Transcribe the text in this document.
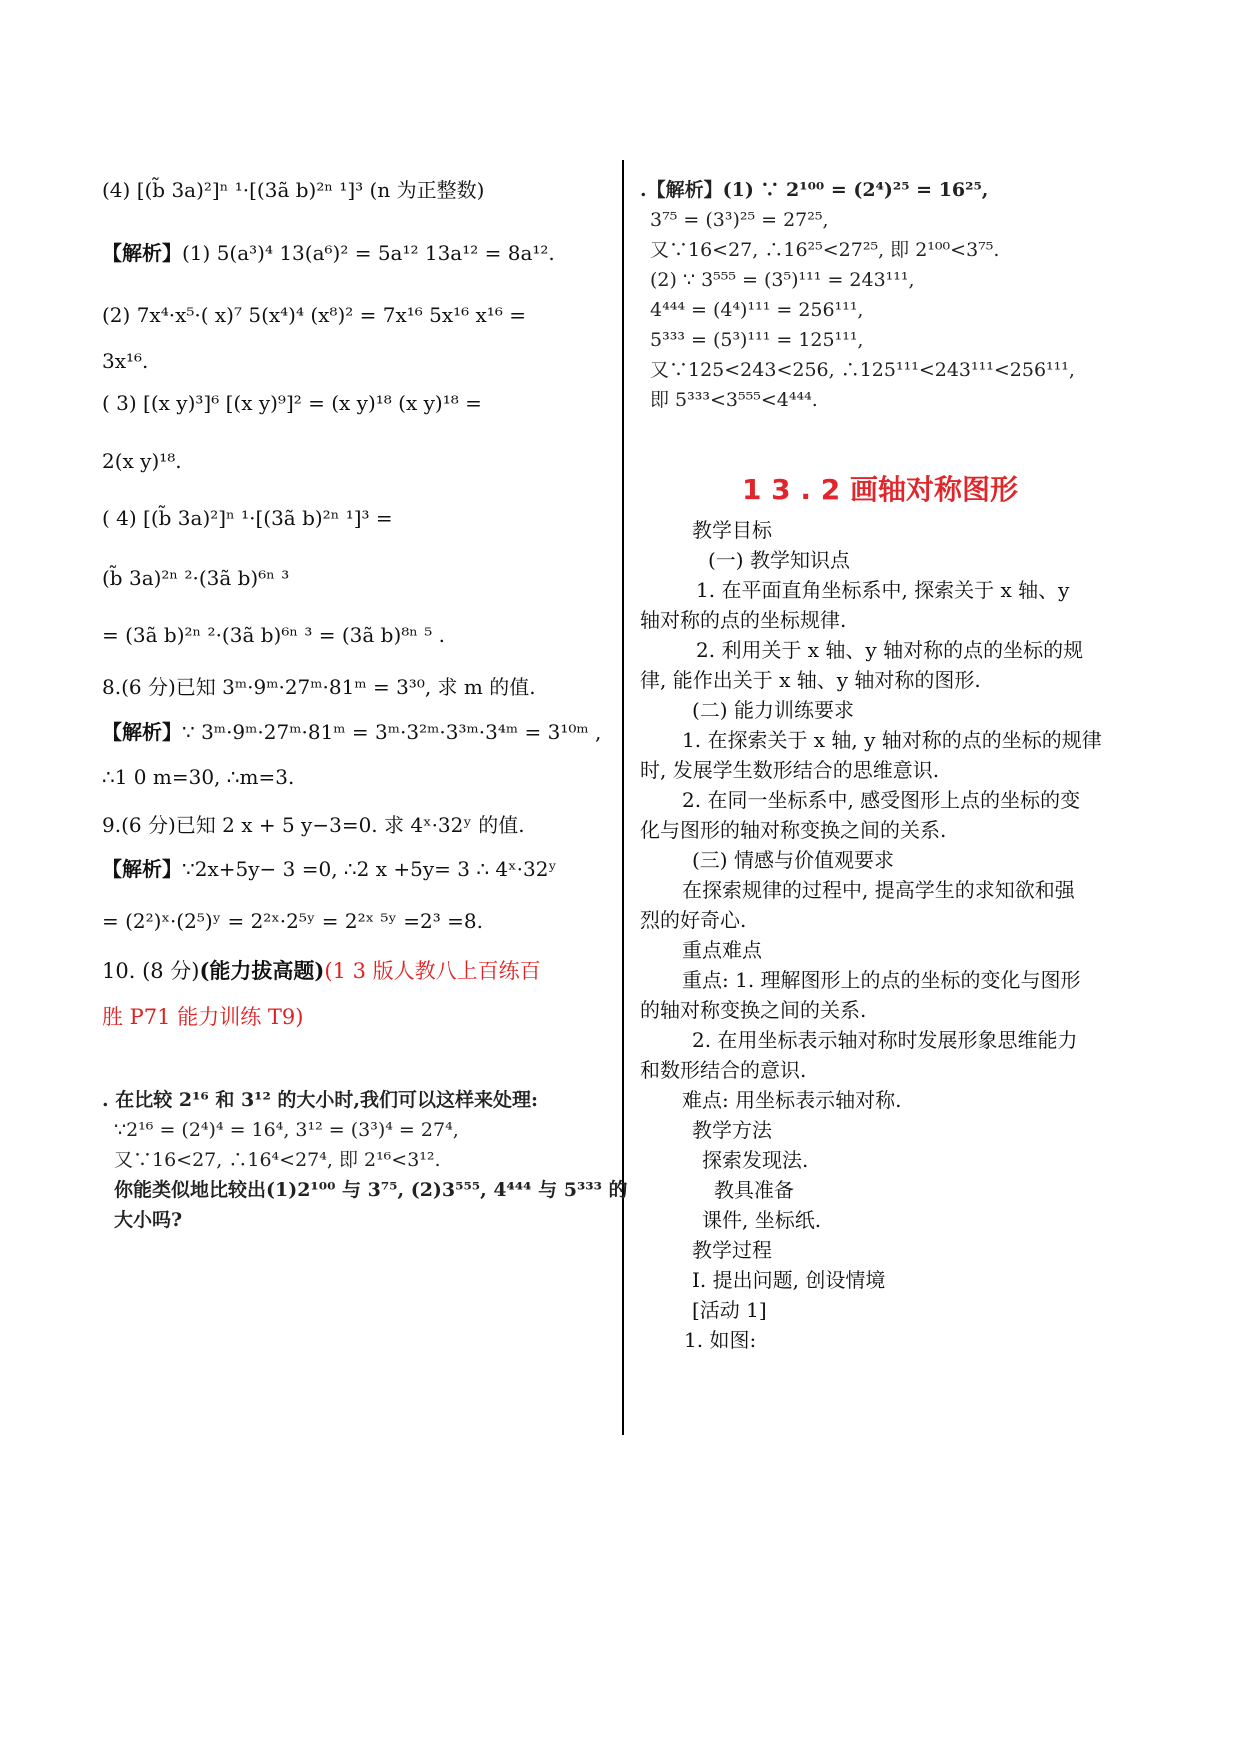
(4) [(b̃ 3a)²]ⁿ ¹·[(3ã b)²ⁿ ¹]³ (n 为正整数)
【解析】(1) 5(a³)⁴ 13(a⁶)² = 5a¹² 13a¹² = 8a¹².
(2) 7x⁴·x⁵·( x)⁷ 5(x⁴)⁴ (x⁸)² = 7x¹⁶ 5x¹⁶ x¹⁶ =
3x¹⁶.
( 3) [(x y)³]⁶ [(x y)⁹]² = (x y)¹⁸ (x y)¹⁸ =
2(x y)¹⁸.
( 4) [(b̃ 3a)²]ⁿ ¹·[(3ã b)²ⁿ ¹]³ =
(b̃ 3a)²ⁿ ²·(3ã b)⁶ⁿ ³
= (3ã b)²ⁿ ²·(3ã b)⁶ⁿ ³ = (3ã b)⁸ⁿ ⁵ .
8.(6 分)已知 3ᵐ·9ᵐ·27ᵐ·81ᵐ = 3³⁰, 求 m 的值.
【解析】∵ 3ᵐ·9ᵐ·27ᵐ·81ᵐ = 3ᵐ·3²ᵐ·3³ᵐ·3⁴ᵐ = 3¹⁰ᵐ ,
∴1 0 m=30, ∴m=3.
9.(6 分)已知 2 x + 5 y−3=0. 求 4ˣ·32ʸ 的值.
【解析】∵2x+5y− 3 =0, ∴2 x +5y= 3 ∴ 4ˣ·32ʸ
= (2²)ˣ·(2⁵)ʸ = 2²ˣ·2⁵ʸ = 2²ˣ ⁵ʸ =2³ =8.
10. (8 分)(能力拔高题)(1 3 版人教八上百练百
胜 P71 能力训练 T9)
. 在比较 2¹⁶ 和 3¹² 的大小时,我们可以这样来处理:
∵2¹⁶ = (2⁴)⁴ = 16⁴, 3¹² = (3³)⁴ = 27⁴,
又∵16<27, ∴16⁴<27⁴, 即 2¹⁶<3¹².
你能类似地比较出(1)2¹⁰⁰ 与 3⁷⁵, (2)3⁵⁵⁵, 4⁴⁴⁴ 与 5³³³ 的
大小吗?
.【解析】(1) ∵ 2¹⁰⁰ = (2⁴)²⁵ = 16²⁵,
3⁷⁵ = (3³)²⁵ = 27²⁵,
又∵16<27, ∴16²⁵<27²⁵, 即 2¹⁰⁰<3⁷⁵.
(2) ∵ 3⁵⁵⁵ = (3⁵)¹¹¹ = 243¹¹¹,
4⁴⁴⁴ = (4⁴)¹¹¹ = 256¹¹¹,
5³³³ = (5³)¹¹¹ = 125¹¹¹,
又∵125<243<256, ∴125¹¹¹<243¹¹¹<256¹¹¹,
即 5³³³<3⁵⁵⁵<4⁴⁴⁴.
1 3 . 2 画轴对称图形
教学目标
(一) 教学知识点
1. 在平面直角坐标系中, 探索关于 x 轴、y
轴对称的点的坐标规律.
2. 利用关于 x 轴、y 轴对称的点的坐标的规
律, 能作出关于 x 轴、y 轴对称的图形.
(二) 能力训练要求
1. 在探索关于 x 轴, y 轴对称的点的坐标的规律
时, 发展学生数形结合的思维意识.
2. 在同一坐标系中, 感受图形上点的坐标的变
化与图形的轴对称变换之间的关系.
(三) 情感与价值观要求
在探索规律的过程中, 提高学生的求知欲和强
烈的好奇心.
重点难点
重点: 1. 理解图形上的点的坐标的变化与图形
的轴对称变换之间的关系.
2. 在用坐标表示轴对称时发展形象思维能力
和数形结合的意识.
难点: 用坐标表示轴对称.
教学方法
探索发现法.
教具准备
课件, 坐标纸.
教学过程
Ⅰ. 提出问题, 创设情境
[活动 1]
1. 如图:
